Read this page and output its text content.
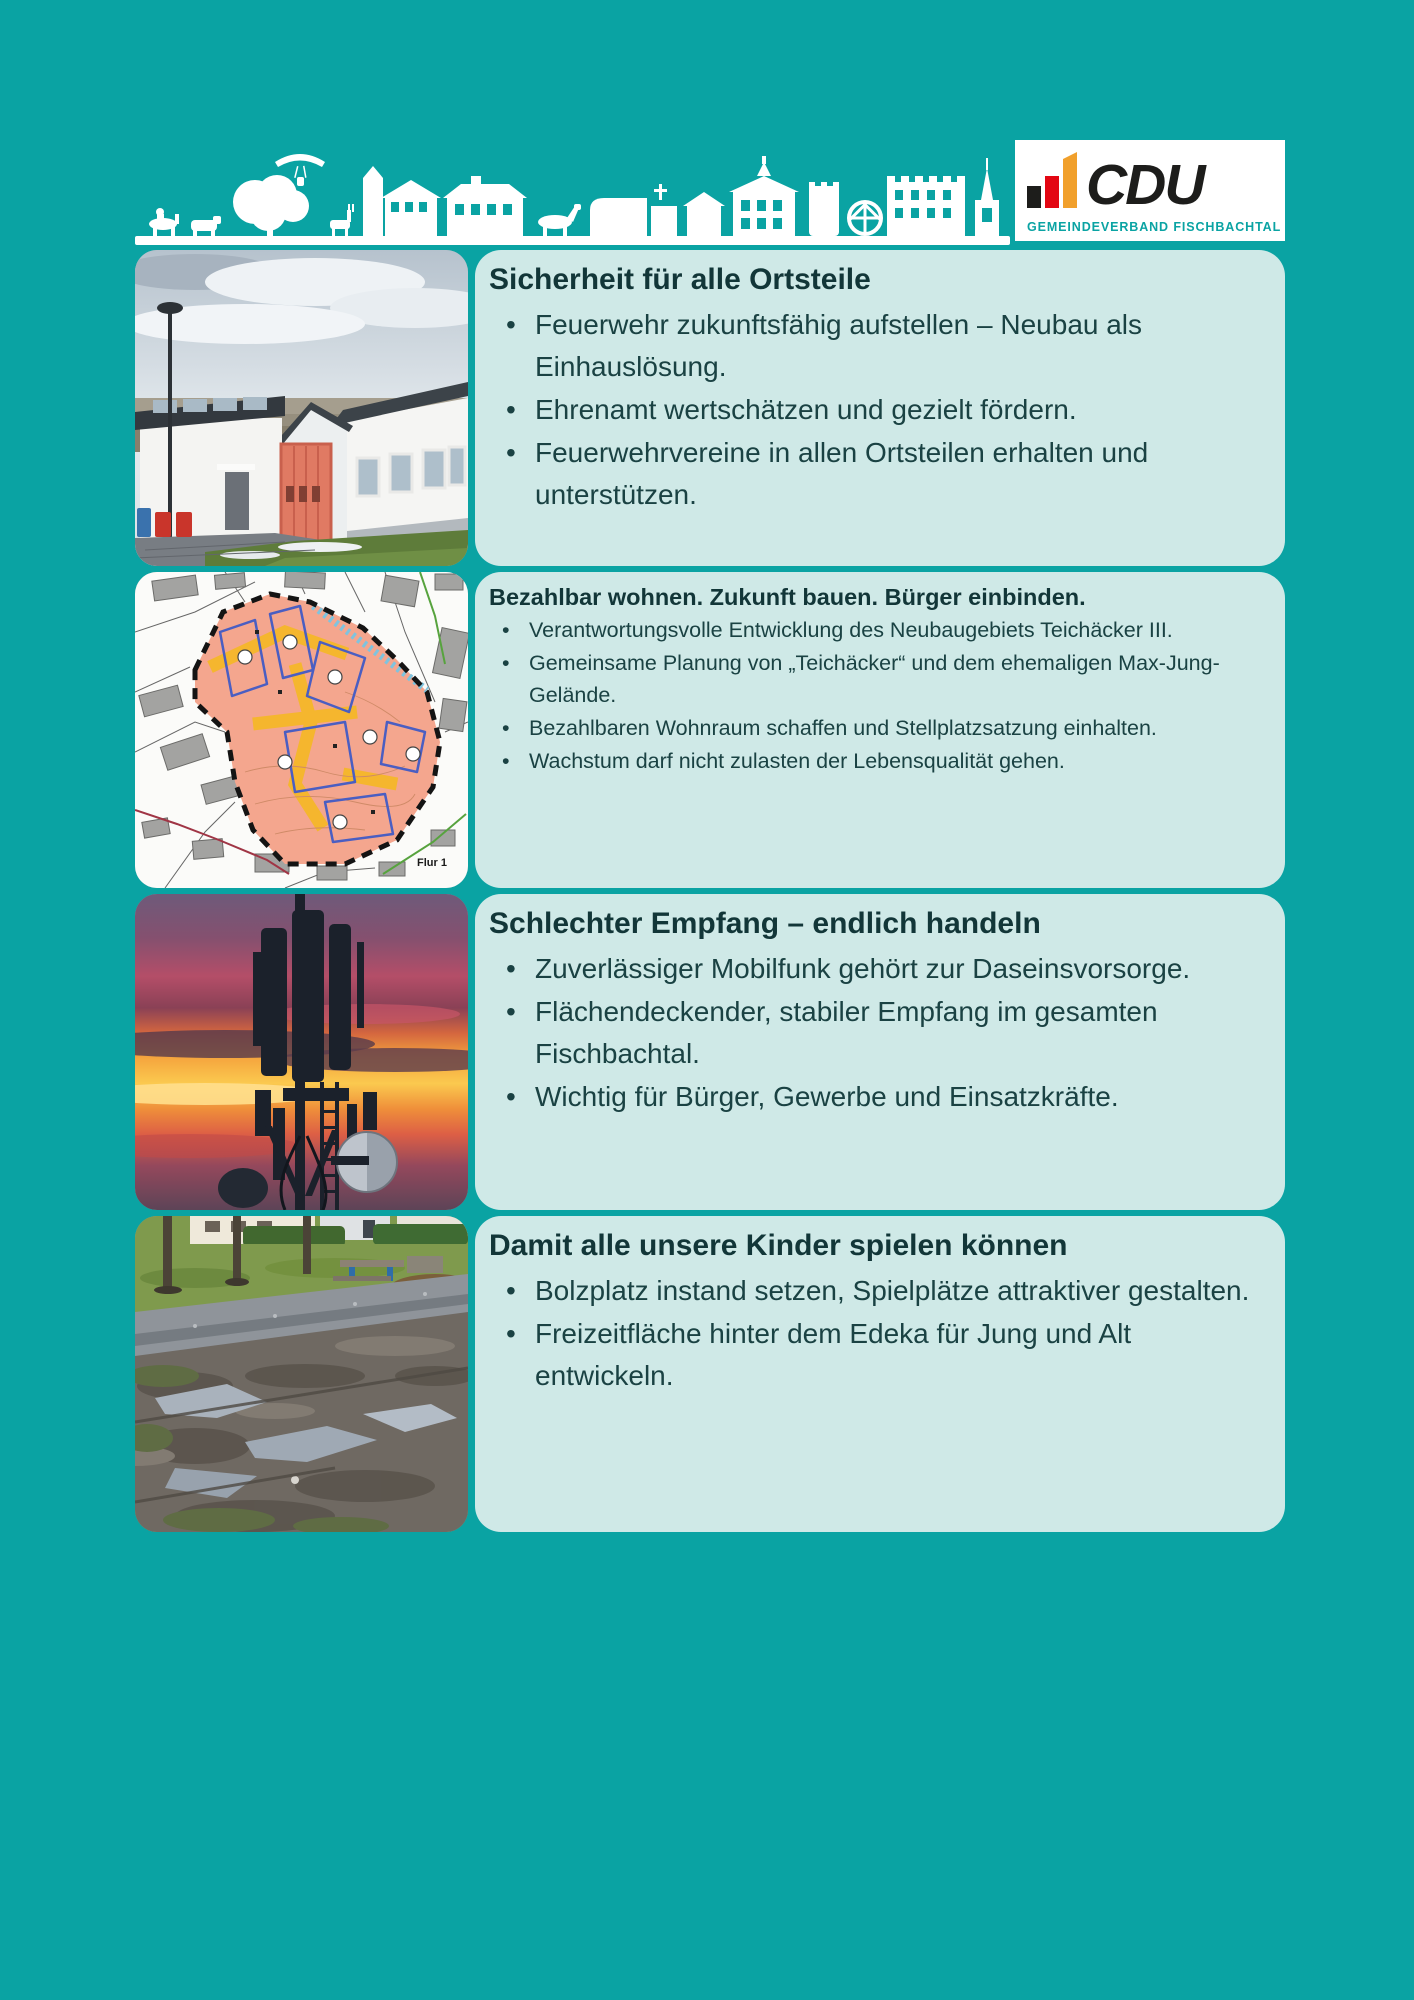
CDU
GEMEINDEVERBAND FISCHBACHTAL
Sicherheit für alle Ortsteile
• Feuerwehr zukunftsfähig aufstellen – Neubau als Einhauslösung.
• Ehrenamt wertschätzen und gezielt fördern.
• Feuerwehrvereine in allen Ortsteilen erhalten und unterstützen.
Flur 1
Bezahlbar wohnen. Zukunft bauen. Bürger einbinden.
• Verantwortungsvolle Entwicklung des Neubaugebiets Teichäcker III.
• Gemeinsame Planung von „Teichäcker“ und dem ehemaligen Max-Jung-Gelände.
• Bezahlbaren Wohnraum schaffen und Stellplatzsatzung einhalten.
• Wachstum darf nicht zulasten der Lebensqualität gehen.
Schlechter Empfang – endlich handeln
• Zuverlässiger Mobilfunk gehört zur Daseinsvorsorge.
• Flächendeckender, stabiler Empfang im gesamten Fischbachtal.
• Wichtig für Bürger, Gewerbe und Einsatzkräfte.
Damit alle unsere Kinder spielen können
• Bolzplatz instand setzen, Spielplätze attraktiver gestalten.
• Freizeitfläche hinter dem Edeka für Jung und Alt entwickeln.
